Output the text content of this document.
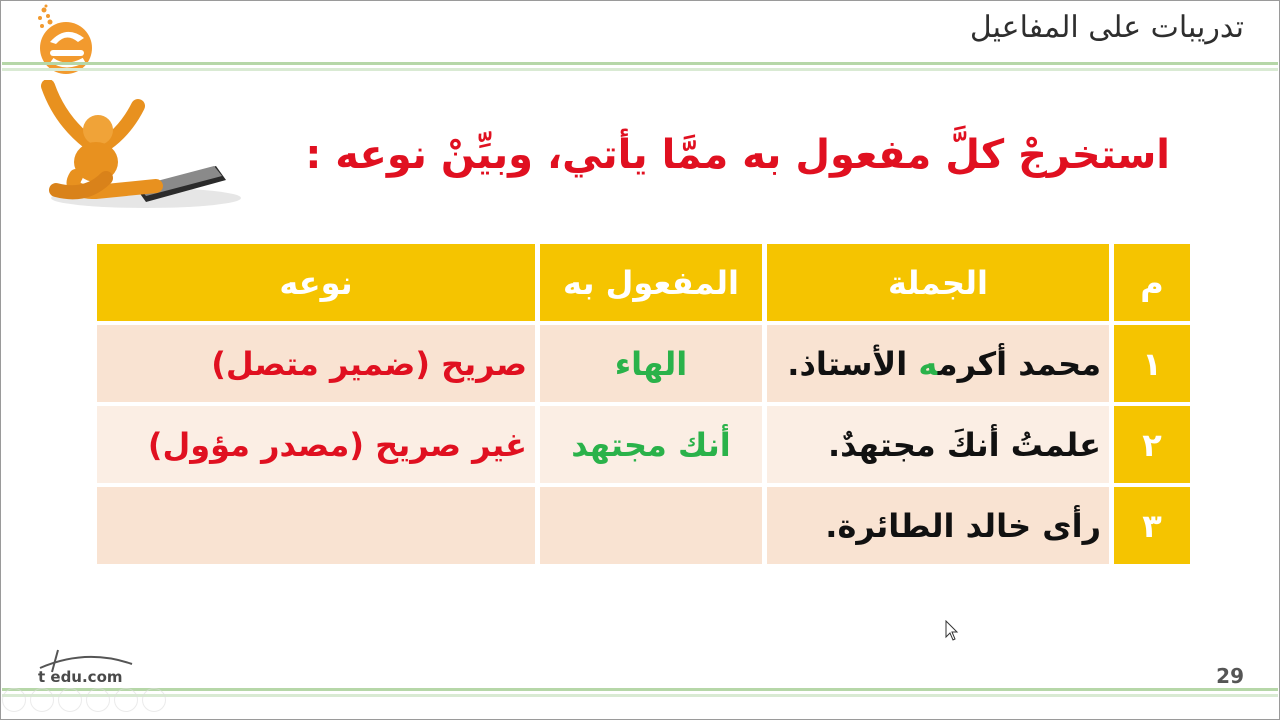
تدريبات على المفاعيل
استخرجْ كلَّ مفعول به ممَّا يأتي، وبيِّنْ نوعه :
م	الجملة	المفعول به	نوعه
١	محمد أكرمه الأستاذ.	الهاء	صريح (ضمير متصل)
٢	علمتُ أنكَ مجتهدٌ.	أنك مجتهد	غير صريح (مصدر مؤول)
٣	رأى خالد الطائرة.		
t edu.com	29
